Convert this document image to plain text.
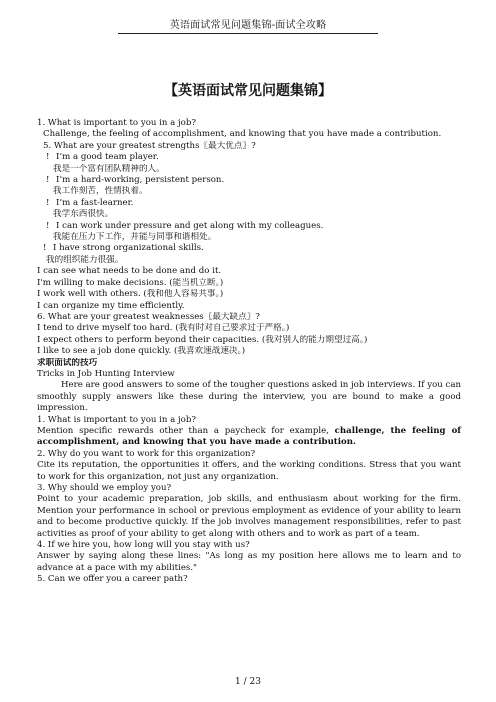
英语面试常见问题集锦-面试全攻略
【英语面试常见问题集锦】
1. What is important to you in a job?
Challenge, the feeling of accomplishment, and knowing that you have made a contribution.
5. What are your greatest strengths〖最大优点〗?
! I’m a good team player.
我是一个富有团队精神的人。
! I’m a hard-working, persistent person.
我工作刻苦，性情执着。
! I’m a fast-learner.
我学东西很快。
! I can work under pressure and get along with my colleagues.
我能在压力下工作，并能与同事和谐相处。
! I have strong organizational skills.
我的组织能力很强。
I can see what needs to be done and do it.
I'm willing to make decisions. (能当机立断。)
I work well with others. (我和他人容易共事。)
I can organize my time efficiently.
6. What are your greatest weaknesses〖最大缺点〗?
I tend to drive myself too hard. (我有时对自己要求过于严格。)
I expect others to perform beyond their capacities. (我对别人的能力期望过高。)
I like to see a job done quickly. (我喜欢速战速决。)
求职面试的技巧
Tricks in Job Hunting Interview

Here are good answers to some of the tougher questions asked in job interviews. If you can smoothly supply answers like these during the interview, you are bound to make a good impression.

1. What is important to you in a job?

Mention specific rewards other than a paycheck for example, challenge, the feeling of accomplishment, and knowing that you have made a contribution.

2. Why do you want to work for this organization?

Cite its reputation, the opportunities it offers, and the working conditions. Stress that you want to work for this organization, not just any organization.

3. Why should we employ you?

Point to your academic preparation, job skills, and enthusiasm about working for the firm. Mention your performance in school or previous employment as evidence of your ability to learn and to become productive quickly. If the job involves management responsibilities, refer to past activities as proof of your ability to get along with others and to work as part of a team.

4. If we hire you, how long will you stay with us?

Answer by saying along these lines: "As long as my position here allows me to learn and to advance at a pace with my abilities."

5. Can we offer you a career path?
1 / 23
